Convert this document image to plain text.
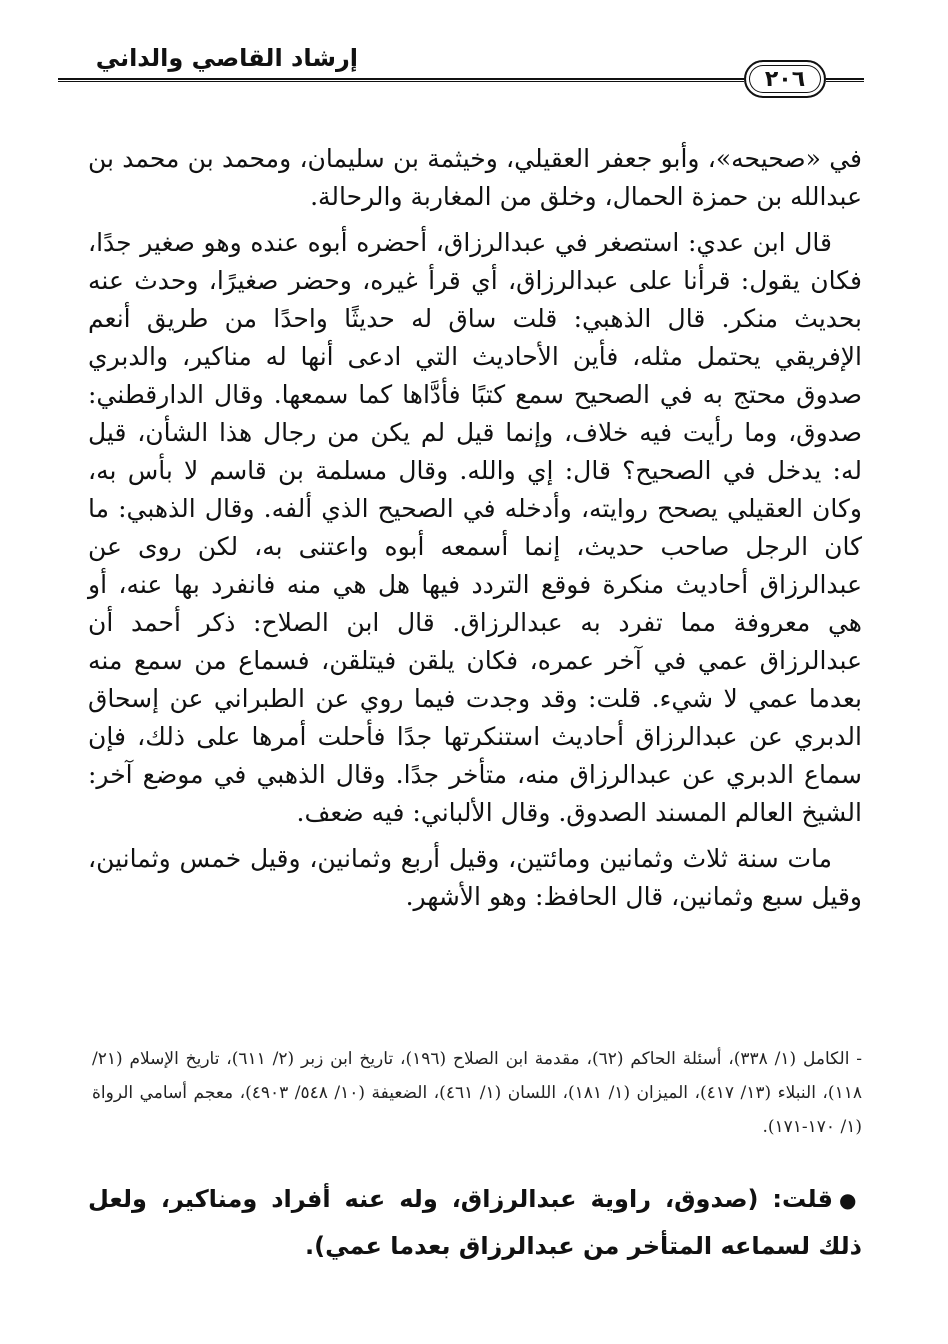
إرشاد القاصي والداني
٢٠٦

في «صحيحه»، وأبو جعفر العقيلي، وخيثمة بن سليمان، ومحمد بن محمد بن عبدالله بن حمزة الحمال، وخلق من المغاربة والرحالة.

قال ابن عدي: استصغر في عبدالرزاق، أحضره أبوه عنده وهو صغير جدًا، فكان يقول: قرأنا على عبدالرزاق، أي قرأ غيره، وحضر صغيرًا، وحدث عنه بحديث منكر. قال الذهبي: قلت ساق له حديثًا واحدًا من طريق أنعم الإفريقي يحتمل مثله، فأين الأحاديث التي ادعى أنها له مناكير، والدبري صدوق محتج به في الصحيح سمع كتبًا فأدَّاها كما سمعها. وقال الدارقطني: صدوق، وما رأيت فيه خلاف، وإنما قيل لم يكن من رجال هذا الشأن، قيل له: يدخل في الصحيح؟ قال: إي والله. وقال مسلمة بن قاسم لا بأس به، وكان العقيلي يصحح روايته، وأدخله في الصحيح الذي ألفه. وقال الذهبي: ما كان الرجل صاحب حديث، إنما أسمعه أبوه واعتنى به، لكن روى عن عبدالرزاق أحاديث منكرة فوقع التردد فيها هل هي منه فانفرد بها عنه، أو هي معروفة مما تفرد به عبدالرزاق. قال ابن الصلاح: ذكر أحمد أن عبدالرزاق عمي في آخر عمره، فكان يلقن فيتلقن، فسماع من سمع منه بعدما عمي لا شيء. قلت: وقد وجدت فيما روي عن الطبراني عن إسحاق الدبري عن عبدالرزاق أحاديث استنكرتها جدًا فأحلت أمرها على ذلك، فإن سماع الدبري عن عبدالرزاق منه، متأخر جدًا. وقال الذهبي في موضع آخر: الشيخ العالم المسند الصدوق. وقال الألباني: فيه ضعف.

مات سنة ثلاث وثمانين ومائتين، وقيل أربع وثمانين، وقيل خمس وثمانين، وقيل سبع وثمانين، قال الحافظ: وهو الأشهر.

- الكامل (١/ ٣٣٨)، أسئلة الحاكم (٦٢)، مقدمة ابن الصلاح (١٩٦)، تاريخ ابن زبر (٢/ ٦١١)، تاريخ الإسلام (٢١/ ١١٨)، النبلاء (١٣/ ٤١٧)، الميزان (١/ ١٨١)، اللسان (١/ ٤٦١)، الضعيفة (١٠/ ٥٤٨/ ٤٩٠٣)، معجم أسامي الرواة (١/ ١٧٠-١٧١).
●قلت: (صدوق، راوية عبدالرزاق، وله عنه أفراد ومناكير، ولعل ذلك لسماعه المتأخر من عبدالرزاق بعدما عمي).
